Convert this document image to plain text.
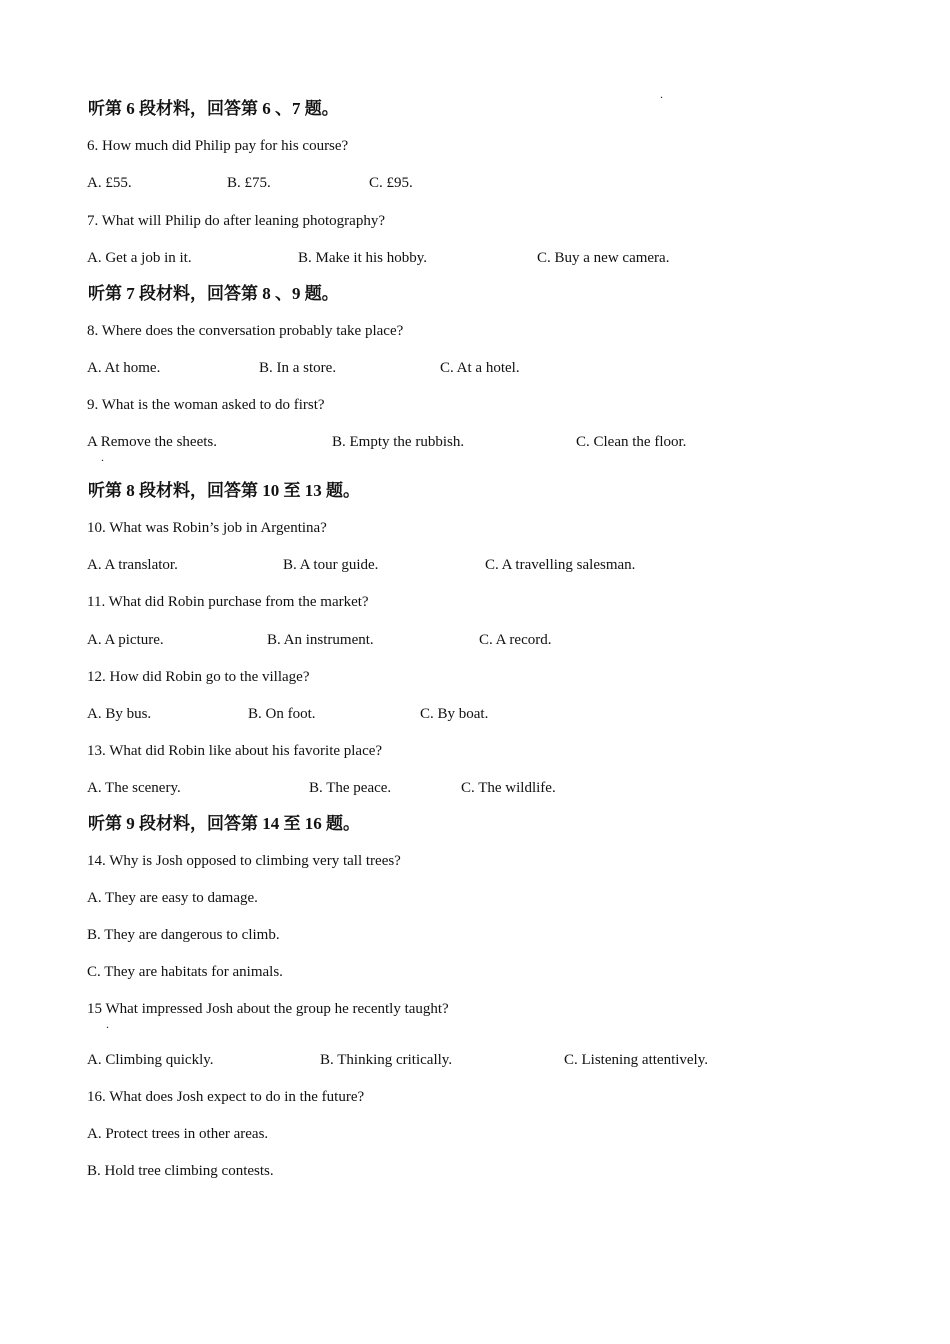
.
听第 6 段材料，回答第 6 、7 题。
6. How much did Philip pay for his course?
A. £55.	B. £75.	C. £95.
7. What will Philip do after leaning photography?
A. Get a job in it.	B. Make it his hobby.	C. Buy a new camera.
听第 7 段材料，回答第 8 、9 题。
8. Where does the conversation probably take place?
A. At home.	B. In a store.	C. At a hotel.
9. What is the woman asked to do first?
A Remove the sheets.	B. Empty the rubbish.	C. Clean the floor.
.
听第 8 段材料，回答第 10 至 13 题。
10. What was Robin’s job in Argentina?
A. A translator.	B. A tour guide.	C. A travelling salesman.
11. What did Robin purchase from the market?
A. A picture.	B. An instrument.	C. A record.
12. How did Robin go to the village?
A. By bus.	B. On foot.	C. By boat.
13. What did Robin like about his favorite place?
A. The scenery.	B. The peace.	C. The wildlife.
听第 9 段材料，回答第 14 至 16 题。
14. Why is Josh opposed to climbing very tall trees?
A. They are easy to damage.
B. They are dangerous to climb.
C. They are habitats for animals.
15 What impressed Josh about the group he recently taught?
.
A. Climbing quickly.	B. Thinking critically.	C. Listening attentively.
16. What does Josh expect to do in the future?
A. Protect trees in other areas.
B. Hold tree climbing contests.
